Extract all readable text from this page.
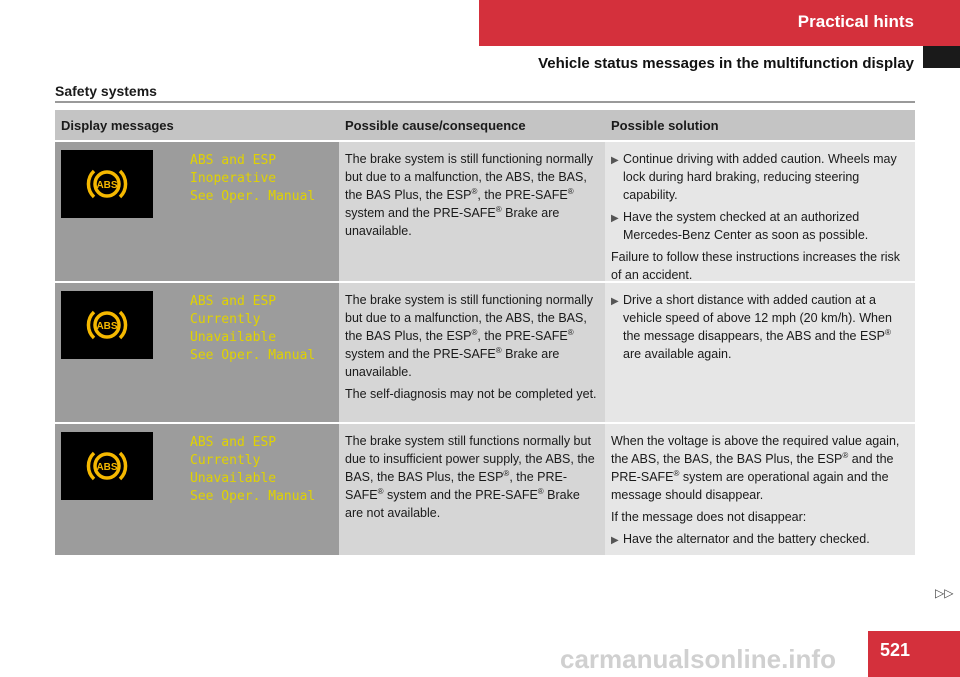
Practical hints
Vehicle status messages in the multifunction display
Safety systems
Display messages	Possible cause/consequence	Possible solution
ABS
ABS and ESP
Inoperative
See Oper. Manual

The brake system is still functioning normally but due to a malfunction, the ABS, the BAS, the BAS Plus, the ESP®, the PRE-SAFE® system and the PRE-SAFE® Brake are unavailable.

▶ Continue driving with added caution. Wheels may lock during hard braking, reducing steering capability.
▶ Have the system checked at an authorized Mercedes-Benz Center as soon as possible.

Failure to follow these instructions increases the risk of an accident.

ABS
ABS and ESP
Currently
Unavailable
See Oper. Manual

The brake system is still functioning normally but due to a malfunction, the ABS, the BAS, the BAS Plus, the ESP®, the PRE-SAFE® system and the PRE-SAFE® Brake are unavailable.

The self-diagnosis may not be completed yet.

▶ Drive a short distance with added caution at a vehicle speed of above 12 mph (20 km/h). When the message disappears, the ABS and the ESP® are available again.
ABS
ABS and ESP
Currently
Unavailable
See Oper. Manual

The brake system still functions normally but due to insufficient power supply, the ABS, the BAS, the BAS Plus, the ESP®, the PRE-SAFE® system and the PRE-SAFE® Brake are not available.

When the voltage is above the required value again, the ABS, the BAS, the BAS Plus, the ESP® and the PRE-SAFE® system are operational again and the message should disappear.

If the message does not disappear:

▶ Have the alternator and the battery checked.
▷▷
521
carmanualsonline.info
